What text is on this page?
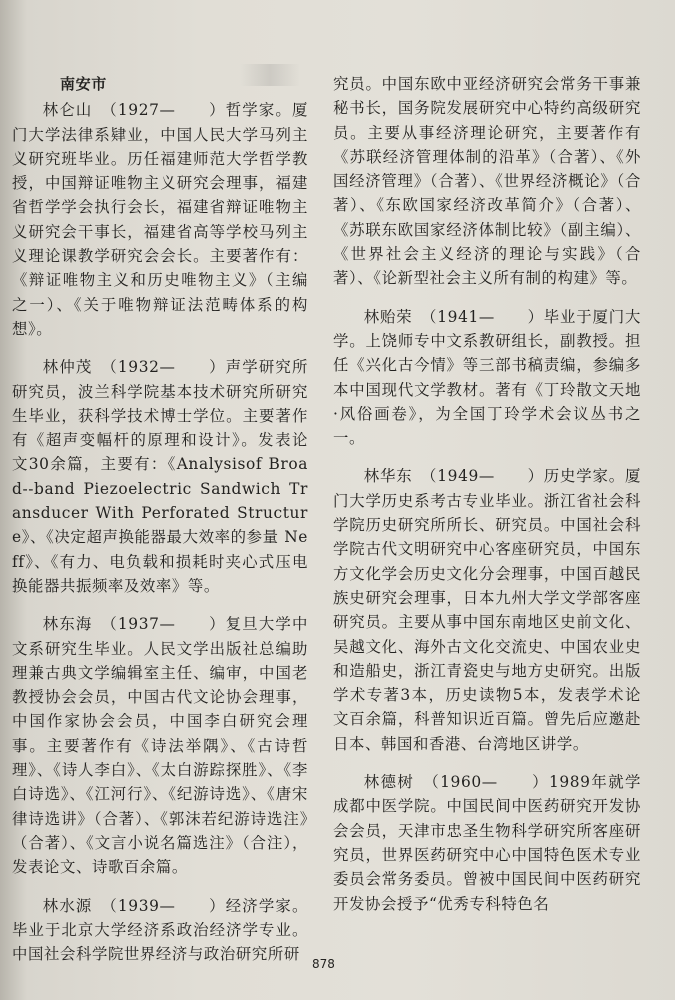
南安市

林仑山　（1927—　　）哲学家。厦门大学法律系肄业，中国人民大学马列主义研究班毕业。历任福建师范大学哲学教授，中国辩证唯物主义研究会理事，福建省哲学学会执行会长，福建省辩证唯物主义研究会干事长，福建省高等学校马列主义理论课教学研究会会长。主要著作有：《辩证唯物主义和历史唯物主义》（主编之一）、《关于唯物辩证法范畴体系的构想》。

林仲茂　（1932—　　）声学研究所研究员，波兰科学院基本技术研究所研究生毕业，获科学技术博士学位。主要著作有《超声变幅杆的原理和设计》。发表论文30余篇，主要有：《Analysisof Broad--band Piezoelectric Sandwich Transducer With Perforated Structure》、《决定超声换能器最大效率的参量 Neff》、《有力、电负载和损耗时夹心式压电换能器共振频率及效率》等。

林东海　（1937—　　）复旦大学中文系研究生毕业。人民文学出版社总编助理兼古典文学编辑室主任、编审，中国老教授协会会员，中国古代文论协会理事，中国作家协会会员，中国李白研究会理事。主要著作有《诗法举隅》、《古诗哲理》、《诗人李白》、《太白游踪探胜》、《李白诗选》、《江河行》、《纪游诗选》、《唐宋律诗选讲》（合著）、《郭沫若纪游诗选注》（合著）、《文言小说名篇选注》（合注），发表论文、诗歌百余篇。

林水源　（1939—　　）经济学家。毕业于北京大学经济系政治经济学专业。中国社会科学院世界经济与政治研究所研

究员。中国东欧中亚经济研究会常务干事兼秘书长，国务院发展研究中心特约高级研究员。主要从事经济理论研究，主要著作有《苏联经济管理体制的沿革》（合著）、《外国经济管理》（合著）、《世界经济概论》（合著）、《东欧国家经济改革简介》（合著）、《苏联东欧国家经济体制比较》（副主编）、《世界社会主义经济的理论与实践》（合著）、《论新型社会主义所有制的构建》等。

林贻荣　（1941—　　）毕业于厦门大学。上饶师专中文系教研组长，副教授。担任《兴化古今情》等三部书稿责编，参编多本中国现代文学教材。著有《丁玲散文天地·风俗画卷》，为全国丁玲学术会议丛书之一。

林华东　（1949—　　）历史学家。厦门大学历史系考古专业毕业。浙江省社会科学院历史研究所所长、研究员。中国社会科学院古代文明研究中心客座研究员，中国东方文化学会历史文化分会理事，中国百越民族史研究会理事，日本九州大学文学部客座研究员。主要从事中国东南地区史前文化、吴越文化、海外古文化交流史、中国农业史和造船史，浙江青瓷史与地方史研究。出版学术专著3本，历史读物5本，发表学术论文百余篇，科普知识近百篇。曾先后应邀赴日本、韩国和香港、台湾地区讲学。

林德树　（1960—　　）1989年就学成都中医学院。中国民间中医药研究开发协会会员，天津市忠圣生物科学研究所客座研究员，世界医药研究中心中国特色医术专业委员会常务委员。曾被中国民间中医药研究开发协会授予“优秀专科特色名

878
